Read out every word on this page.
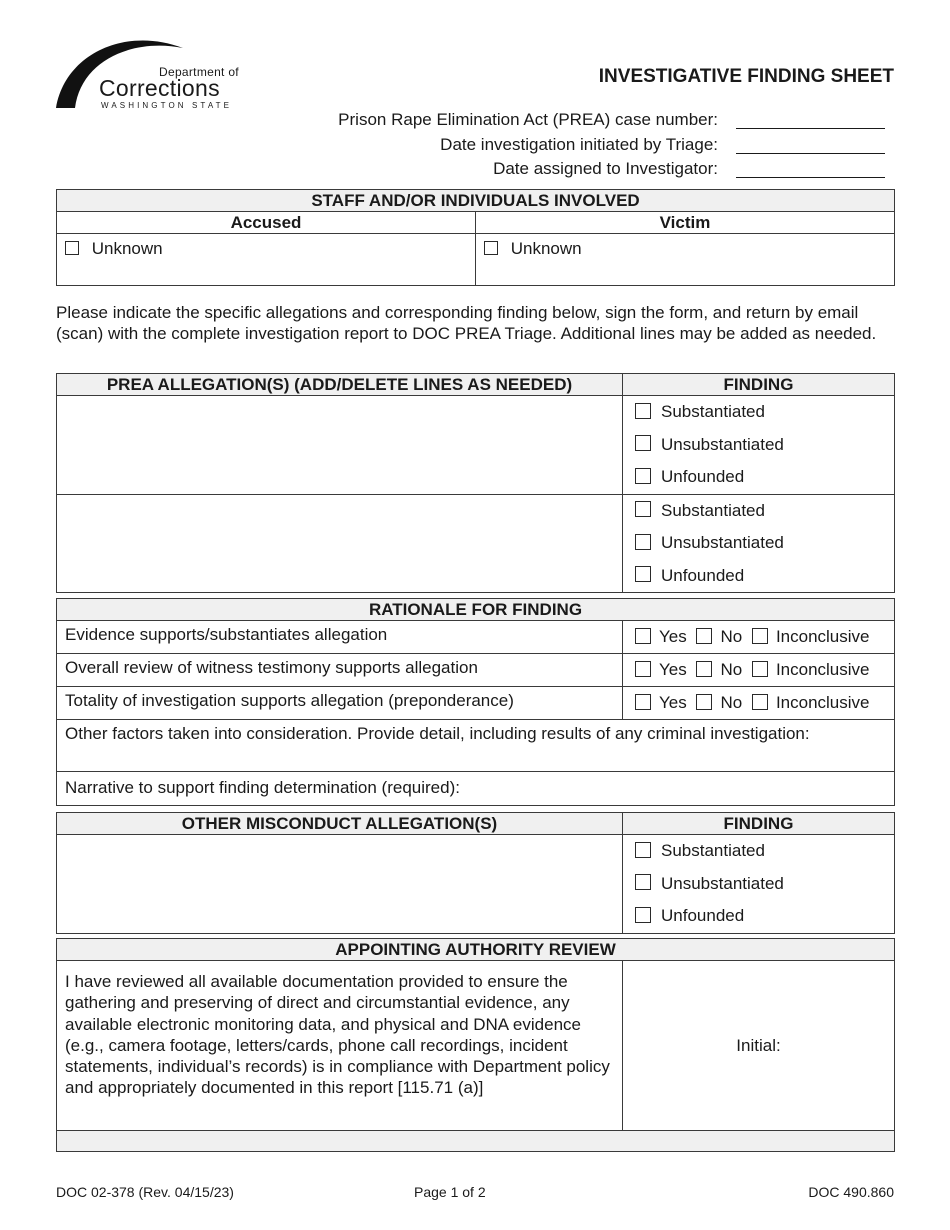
Department of
Corrections
WASHINGTON STATE
INVESTIGATIVE FINDING SHEET
Prison Rape Elimination Act (PREA) case number:
Date investigation initiated by Triage:
Date assigned to Investigator:
STAFF AND/OR INDIVIDUALS INVOLVED	
Accused	Victim

Unknown	Unknown
Please indicate the specific allegations and corresponding finding below, sign the form, and return by email (scan) with the complete investigation report to DOC PREA Triage. Additional lines may be added as needed.
PREA ALLEGATION(S) (ADD/DELETE LINES AS NEEDED)	FINDING

	Substantiated
Unsubstantiated
Unfounded

	Substantiated
Unsubstantiated
Unfounded
RATIONALE FOR FINDING	
Evidence supports/substantiates allegation	Yes No Inconclusive

Overall review of witness testimony supports allegation	Yes No Inconclusive

Totality of investigation supports allegation (preponderance)	Yes No Inconclusive

Other factors taken into consideration. Provide detail, including results of any criminal investigation:	
Narrative to support finding determination (required):	
OTHER MISCONDUCT ALLEGATION(S)	FINDING

	Substantiated
Unsubstantiated
Unfounded
APPOINTING AUTHORITY REVIEW
I have reviewed all available documentation provided to ensure the gathering and preserving of direct and circumstantial evidence, any available electronic monitoring data, and physical and DNA evidence (e.g., camera footage, letters/cards, phone call recordings, incident statements, individual’s records) is in compliance with Department policy and appropriately documented in this report [115.71 (a)]	Initial:

DOC 02-378 (Rev. 04/15/23)	Page 1 of 2	DOC 490.860
